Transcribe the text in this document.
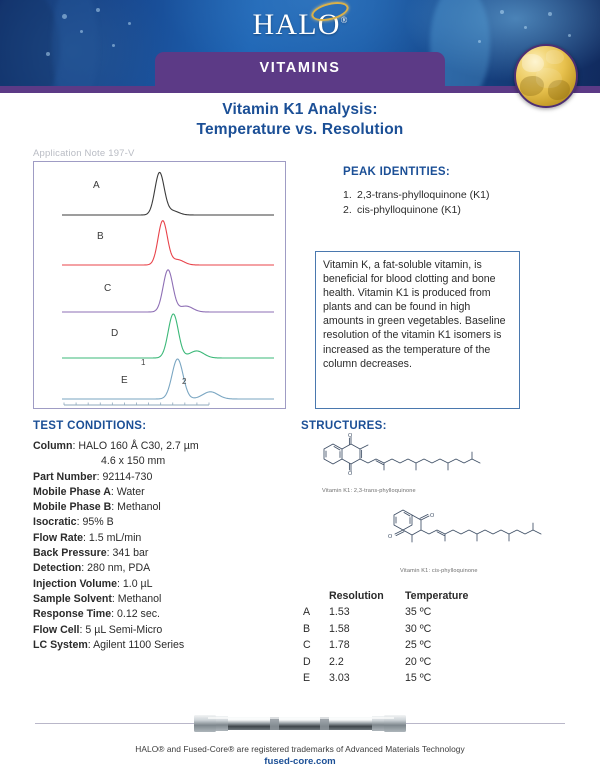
HALO®
VITAMINS
Vitamin K1 Analysis:
Temperature vs. Resolution
Application Note 197-V
1
2
A
B
C
D
E
PEAK IDENTITIES:
1. 2,3-trans-phylloquinone (K1)
2. cis-phylloquinone (K1)
Vitamin K, a fat-soluble vitamin, is beneficial for blood clotting and bone health. Vitamin K1 is produced from plants and can be found in high amounts in green vegetables. Baseline resolution of the vitamin K1 isomers is increased as the temperature of the column decreases.
TEST CONDITIONS:
Column: HALO 160 Å C30, 2.7 µm
4.6 x 150 mm
Part Number: 92114-730
Mobile Phase A: Water
Mobile Phase B: Methanol
Isocratic: 95% B
Flow Rate: 1.5 mL/min
Back Pressure: 341 bar
Detection: 280 nm, PDA
Injection Volume: 1.0 µL
Sample Solvent: Methanol
Response Time: 0.12 sec.
Flow Cell: 5 µL Semi-Micro
LC System: Agilent 1100 Series
STRUCTURES:
O
O
Vitamin K1: 2,3-trans-phylloquinone
O
O
Vitamin K1: cis-phylloquinone
	Resolution	Temperature
A	1.53	35 ºC
B	1.58	30 ºC
C	1.78	25 ºC
D	2.2	20 ºC
E	3.03	15 ºC
HALO® and Fused-Core® are registered trademarks of Advanced Materials Technology
fused-core.com
